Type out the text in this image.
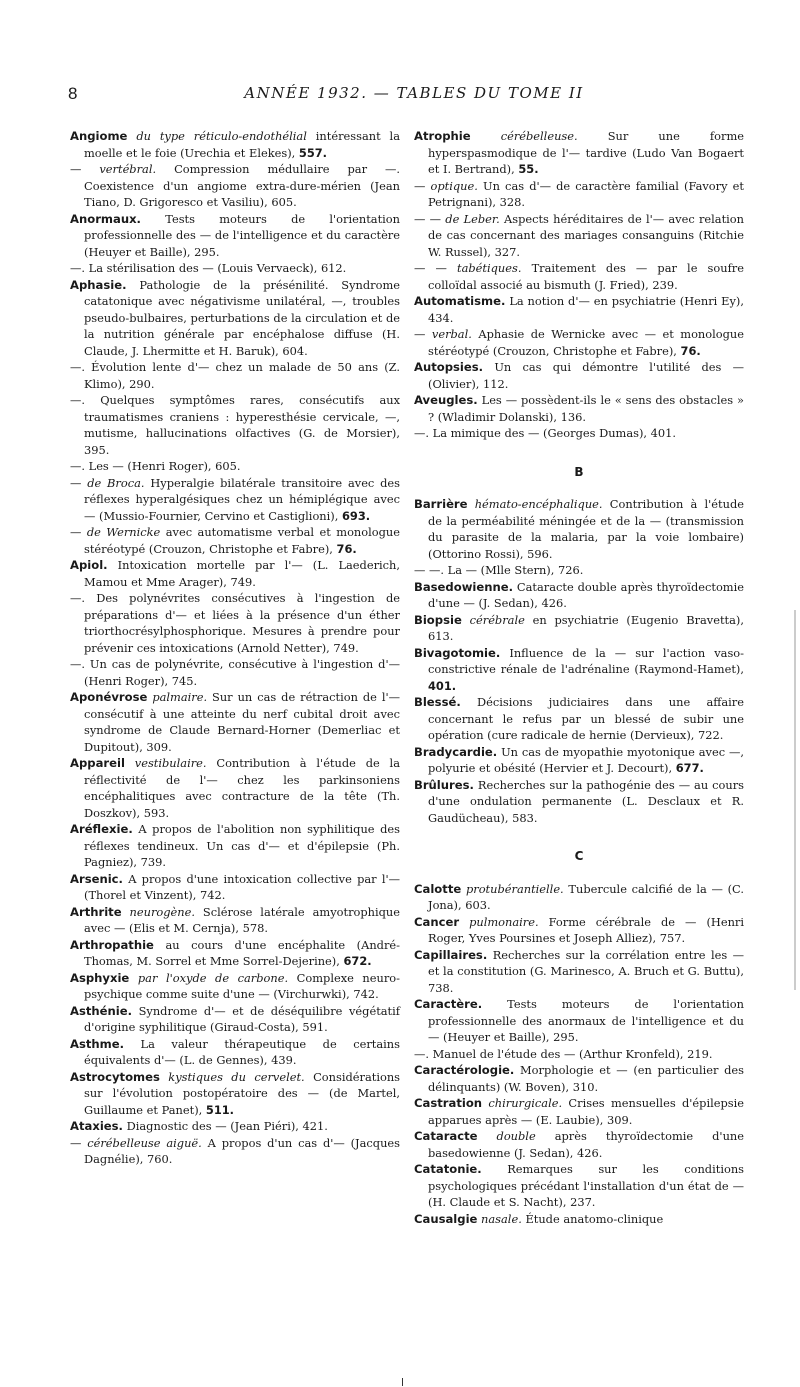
8	ANNÉE 1932. — TABLES DU TOME II

Angiome du type réticulo-endothélial intéressant la moelle et le foie (Urechia et Elekes), 557.

— vertébral. Compression médullaire par —. Coexistence d'un angiome extra-dure-mérien (Jean Tiano, D. Grigoresco et Vasiliu), 605.

Anormaux. Tests moteurs de l'orientation professionnelle des — de l'intelligence et du caractère (Heuyer et Baille), 295.

—. La stérilisation des — (Louis Vervaeck), 612.

Aphasie. Pathologie de la présénilité. Syndrome catatonique avec négativisme unilatéral, —, troubles pseudo-bulbaires, perturbations de la circulation et de la nutrition générale par encéphalose diffuse (H. Claude, J. Lhermitte et H. Baruk), 604.

—. Évolution lente d'— chez un malade de 50 ans (Z. Klimo), 290.

—. Quelques symptômes rares, consécutifs aux traumatismes craniens : hyperesthésie cervicale, —, mutisme, hallucinations olfactives (G. de Morsier), 395.

—. Les — (Henri Roger), 605.

— de Broca. Hyperalgie bilatérale transitoire avec des réflexes hyperalgésiques chez un hémiplégique avec — (Mussio-Fournier, Cervino et Castiglioni), 693.

— de Wernicke avec automatisme verbal et monologue stéréotypé (Crouzon, Christophe et Fabre), 76.

Apiol. Intoxication mortelle par l'— (L. Laederich, Mamou et Mme Arager), 749.

—. Des polynévrites consécutives à l'ingestion de préparations d'— et liées à la présence d'un éther triorthocrésylphosphorique. Mesures à prendre pour prévenir ces intoxications (Arnold Netter), 749.

—. Un cas de polynévrite, consécutive à l'ingestion d'— (Henri Roger), 745.

Aponévrose palmaire. Sur un cas de rétraction de l'— consécutif à une atteinte du nerf cubital droit avec syndrome de Claude Bernard-Horner (Demerliac et Dupitout), 309.

Appareil vestibulaire. Contribution à l'étude de la réflectivité de l'— chez les parkinsoniens encéphalitiques avec contracture de la tête (Th. Doszkov), 593.

Aréflexie. A propos de l'abolition non syphilitique des réflexes tendineux. Un cas d'— et d'épilepsie (Ph. Pagniez), 739.

Arsenic. A propos d'une intoxication collective par l'— (Thorel et Vinzent), 742.

Arthrite neurogène. Sclérose latérale amyotrophique avec — (Elis et M. Cernja), 578.

Arthropathie au cours d'une encéphalite (André-Thomas, M. Sorrel et Mme Sorrel-Dejerine), 672.

Asphyxie par l'oxyde de carbone. Complexe neuro-psychique comme suite d'une — (Virchurwki), 742.

Asthénie. Syndrome d'— et de déséquilibre végétatif d'origine syphilitique (Giraud-Costa), 591.

Asthme. La valeur thérapeutique de certains équivalents d'— (L. de Gennes), 439.

Astrocytomes kystiques du cervelet. Considérations sur l'évolution postopératoire des — (de Martel, Guillaume et Panet), 511.

Ataxies. Diagnostic des — (Jean Piéri), 421.

— cérébelleuse aiguë. A propos d'un cas d'— (Jacques Dagnélie), 760.

Atrophie	cérébelleuse.	Sur une forme hyperspasmodique de l'— tardive (Ludo Van Bogaert et I. Bertrand), 55.

— optique. Un cas d'— de caractère familial (Favory et Petrignani), 328.

— — de Leber. Aspects héréditaires de l'— avec relation de cas concernant des mariages consanguins (Ritchie W. Russel), 327.

— — tabétiques. Traitement des — par le soufre colloïdal associé au bismuth (J. Fried), 239.

Automatisme. La notion d'— en psychiatrie (Henri Ey), 434.

— verbal. Aphasie de Wernicke avec — et monologue stéréotypé (Crouzon, Christophe et Fabre), 76.

Autopsies. Un cas qui démontre l'utilité des — (Olivier), 112.

Aveugles. Les — possèdent-ils le « sens des obstacles » ? (Wladimir Dolanski), 136.

—. La mimique des — (Georges Dumas), 401.

B

Barrière hémato-encéphalique. Contribution à l'étude de la perméabilité méningée et de la — (transmission du parasite de la malaria, par la voie lombaire) (Ottorino Rossi), 596.

— —. La — (Mlle Stern), 726.

Basedowienne. Cataracte double après thyroïdectomie d'une — (J. Sedan), 426.

Biopsie cérébrale en psychiatrie (Eugenio Bravetta), 613.

Bivagotomie. Influence de la — sur l'action vaso-constrictive rénale de l'adrénaline (Raymond-Hamet), 401.

Blessé. Décisions judiciaires dans une affaire concernant le refus par un blessé de subir une opération (cure radicale de hernie (Dervieux), 722.

Bradycardie. Un cas de myopathie myotonique avec —, polyurie et obésité (Hervier et J. Decourt), 677.

Brûlures. Recherches sur la pathogénie des — au cours d'une ondulation permanente (L. Desclaux et R. Gaudücheau), 583.

C

Calotte protubérantielle. Tubercule calcifié de la — (C. Jona), 603.

Cancer pulmonaire. Forme cérébrale de — (Henri Roger, Yves Poursines et Joseph Alliez), 757.

Capillaires. Recherches sur la corrélation entre les — et la constitution (G. Marinesco, A. Bruch et G. Buttu), 738.

Caractère. Tests moteurs de l'orientation professionnelle des anormaux de l'intelligence et du — (Heuyer et Baille), 295.

—. Manuel de l'étude des — (Arthur Kronfeld), 219.

Caractérologie. Morphologie et — (en particulier des délinquants) (W. Boven), 310.

Castration chirurgicale. Crises mensuelles d'épilepsie apparues après — (E. Laubie), 309.

Cataracte double après thyroïdectomie d'une basedowienne (J. Sedan), 426.

Catatonie. Remarques sur les conditions psychologiques précédant l'installation d'un état de — (H. Claude et S. Nacht), 237.

Causalgie nasale. Étude anatomo-clinique
